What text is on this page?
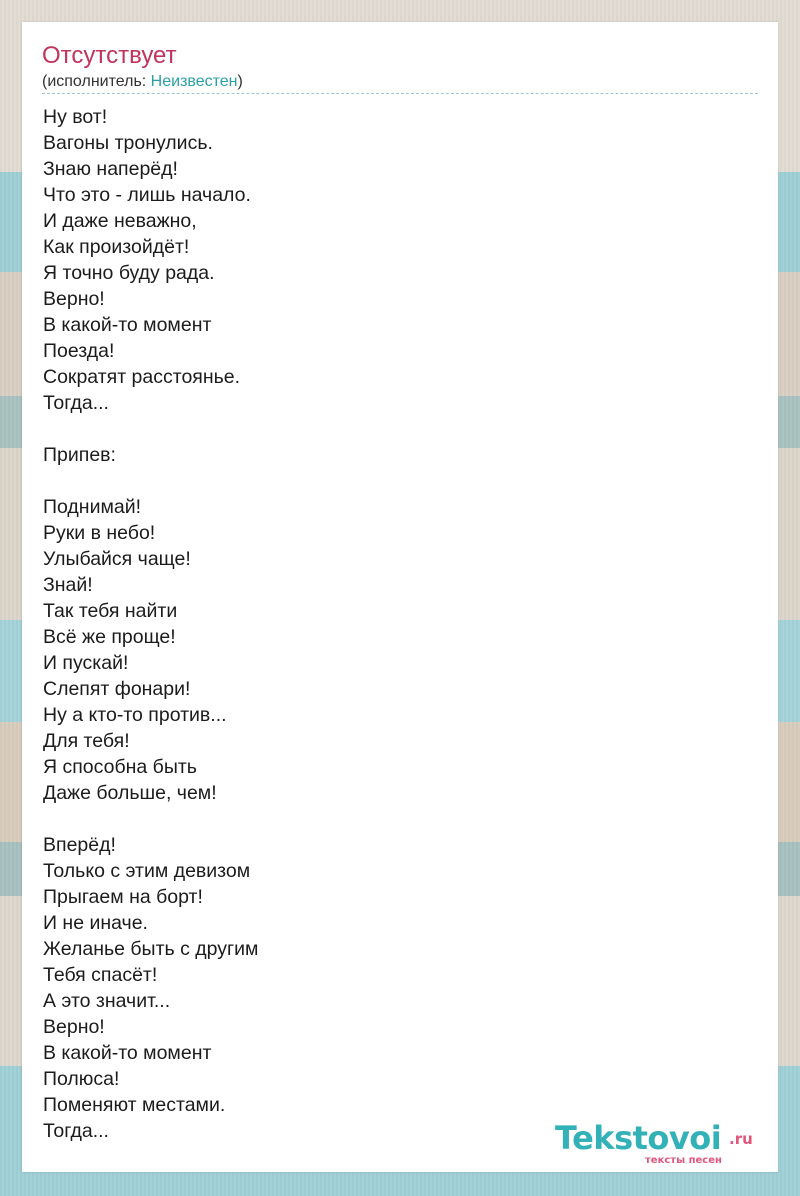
Отсутствует
(исполнитель: Неизвестен)
Ну вот!
Вагоны тронулись.
Знаю наперёд!
Что это - лишь начало.
И даже неважно,
Как произойдёт!
Я точно буду рада.
Верно!
В какой-то момент
Поезда!
Сократят расстоянье.
Тогда...
Припев:
Поднимай!
Руки в небо!
Улыбайся чаще!
Знай!
Так тебя найти
Всё же проще!
И пускай!
Слепят фонари!
Ну а кто-то против...
Для тебя!
Я способна быть
Даже больше, чем!
Вперёд!
Только с этим девизом
Прыгаем на борт!
И не иначе.
Желанье быть с другим
Тебя спасёт!
А это значит...
Верно!
В какой-то момент
Полюса!
Поменяют местами.
Тогда...	Tekstovoi .ru
тексты песен
